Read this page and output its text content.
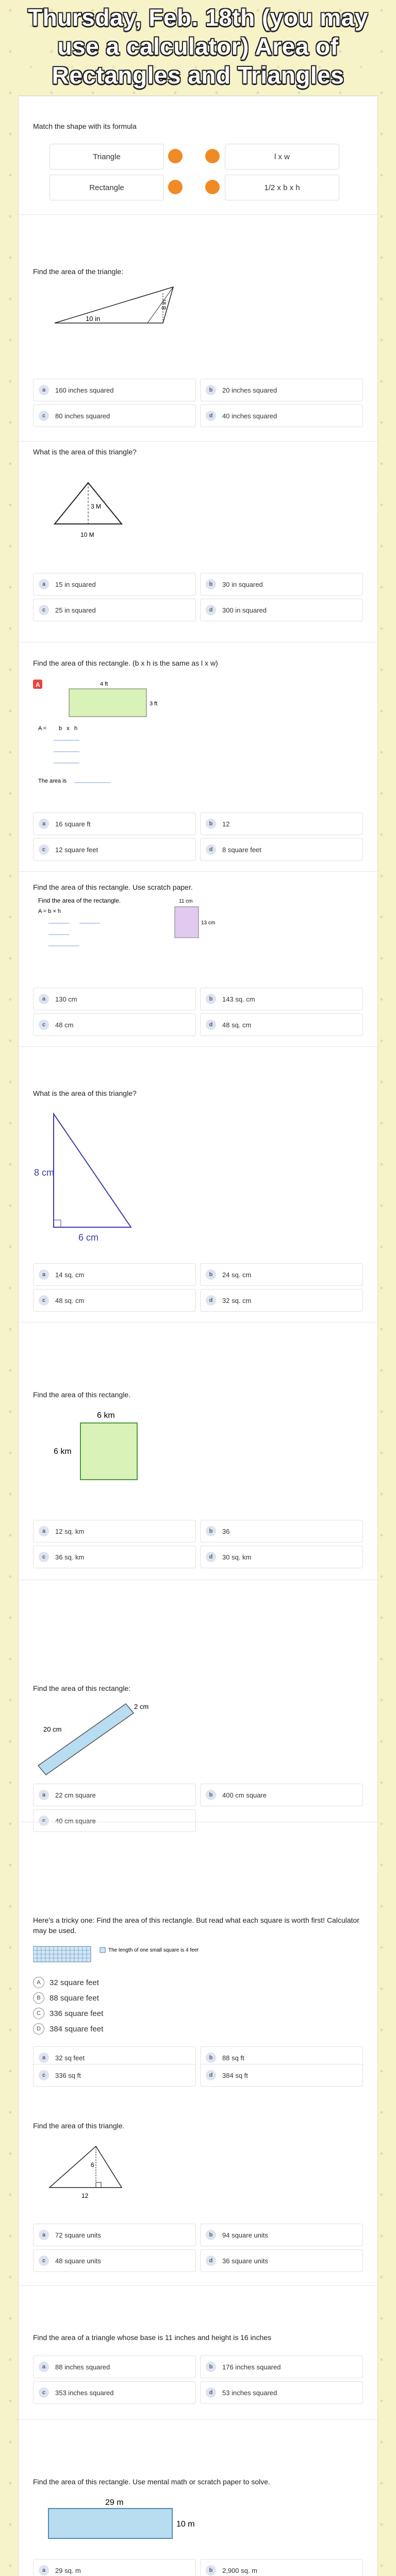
Thursday, Feb. 18th (you may use a calculator) Area of Rectangles and Triangles
Match the shape with its formula
Triangle	l x w
Rectangle	1/2 x b x h
Find the area of the triangle:
10 in
8 in
a	160 inches squared	b	20 inches squared
c	80 inches squared	d	40 inches squared
What is the area of this triangle?
3 M
10 M
a	15 in squared	b	30 in squared
c	25 in squared	d	300 in squared
Find the area of this rectangle. (b x h is the same as l x w)
A	4 ft
3 ft
A = b   x   h
The area is
a	16 square ft	b	12
c	12 square feet	d	8 square feet
Find the area of this rectangle. Use scratch paper.
Find the area of the rectangle.
A = b × h
11 cm
13 cm
a	130 cm	b	143 sq. cm
c	48 cm	d	48 sq. cm
What is the area of this triangle?
8 cm
6 cm
a	14 sq. cm	b	24 sq. cm
c	48 sq. cm	d	32 sq. cm
Find the area of this rectangle.
6 km
6 km
a	12 sq. km	b	36
c	36 sq. km	d	30 sq. km
Find the area of this rectangle:
2 cm
20 cm
a	22 cm square	b	400 cm square
c	40 cm square
Here's a tricky one: Find the area of this rectangle. But read what each square is worth first! Calculator may be used.
The length of one small square is 4 feet
A	32 square feet
B	88 square feet
C	336 square feet
D	384 square feet
a	32 sq feet	b	88 sq ft
c	336 sq ft	d	384 sq ft
Find the area of this triangle.
6
12
a	72 square units	b	94 square units
c	48 square units	d	36 square units
Find the area of a triangle whose base is 11 inches and height is 16 inches
a	88 inches squared	b	176 inches squared
c	353 inches squared	d	53 inches squared
Find the area of this rectangle. Use mental math or scratch paper to solve.
29 m
10 m
a	29 sq. m	b	2,900 sq. m
